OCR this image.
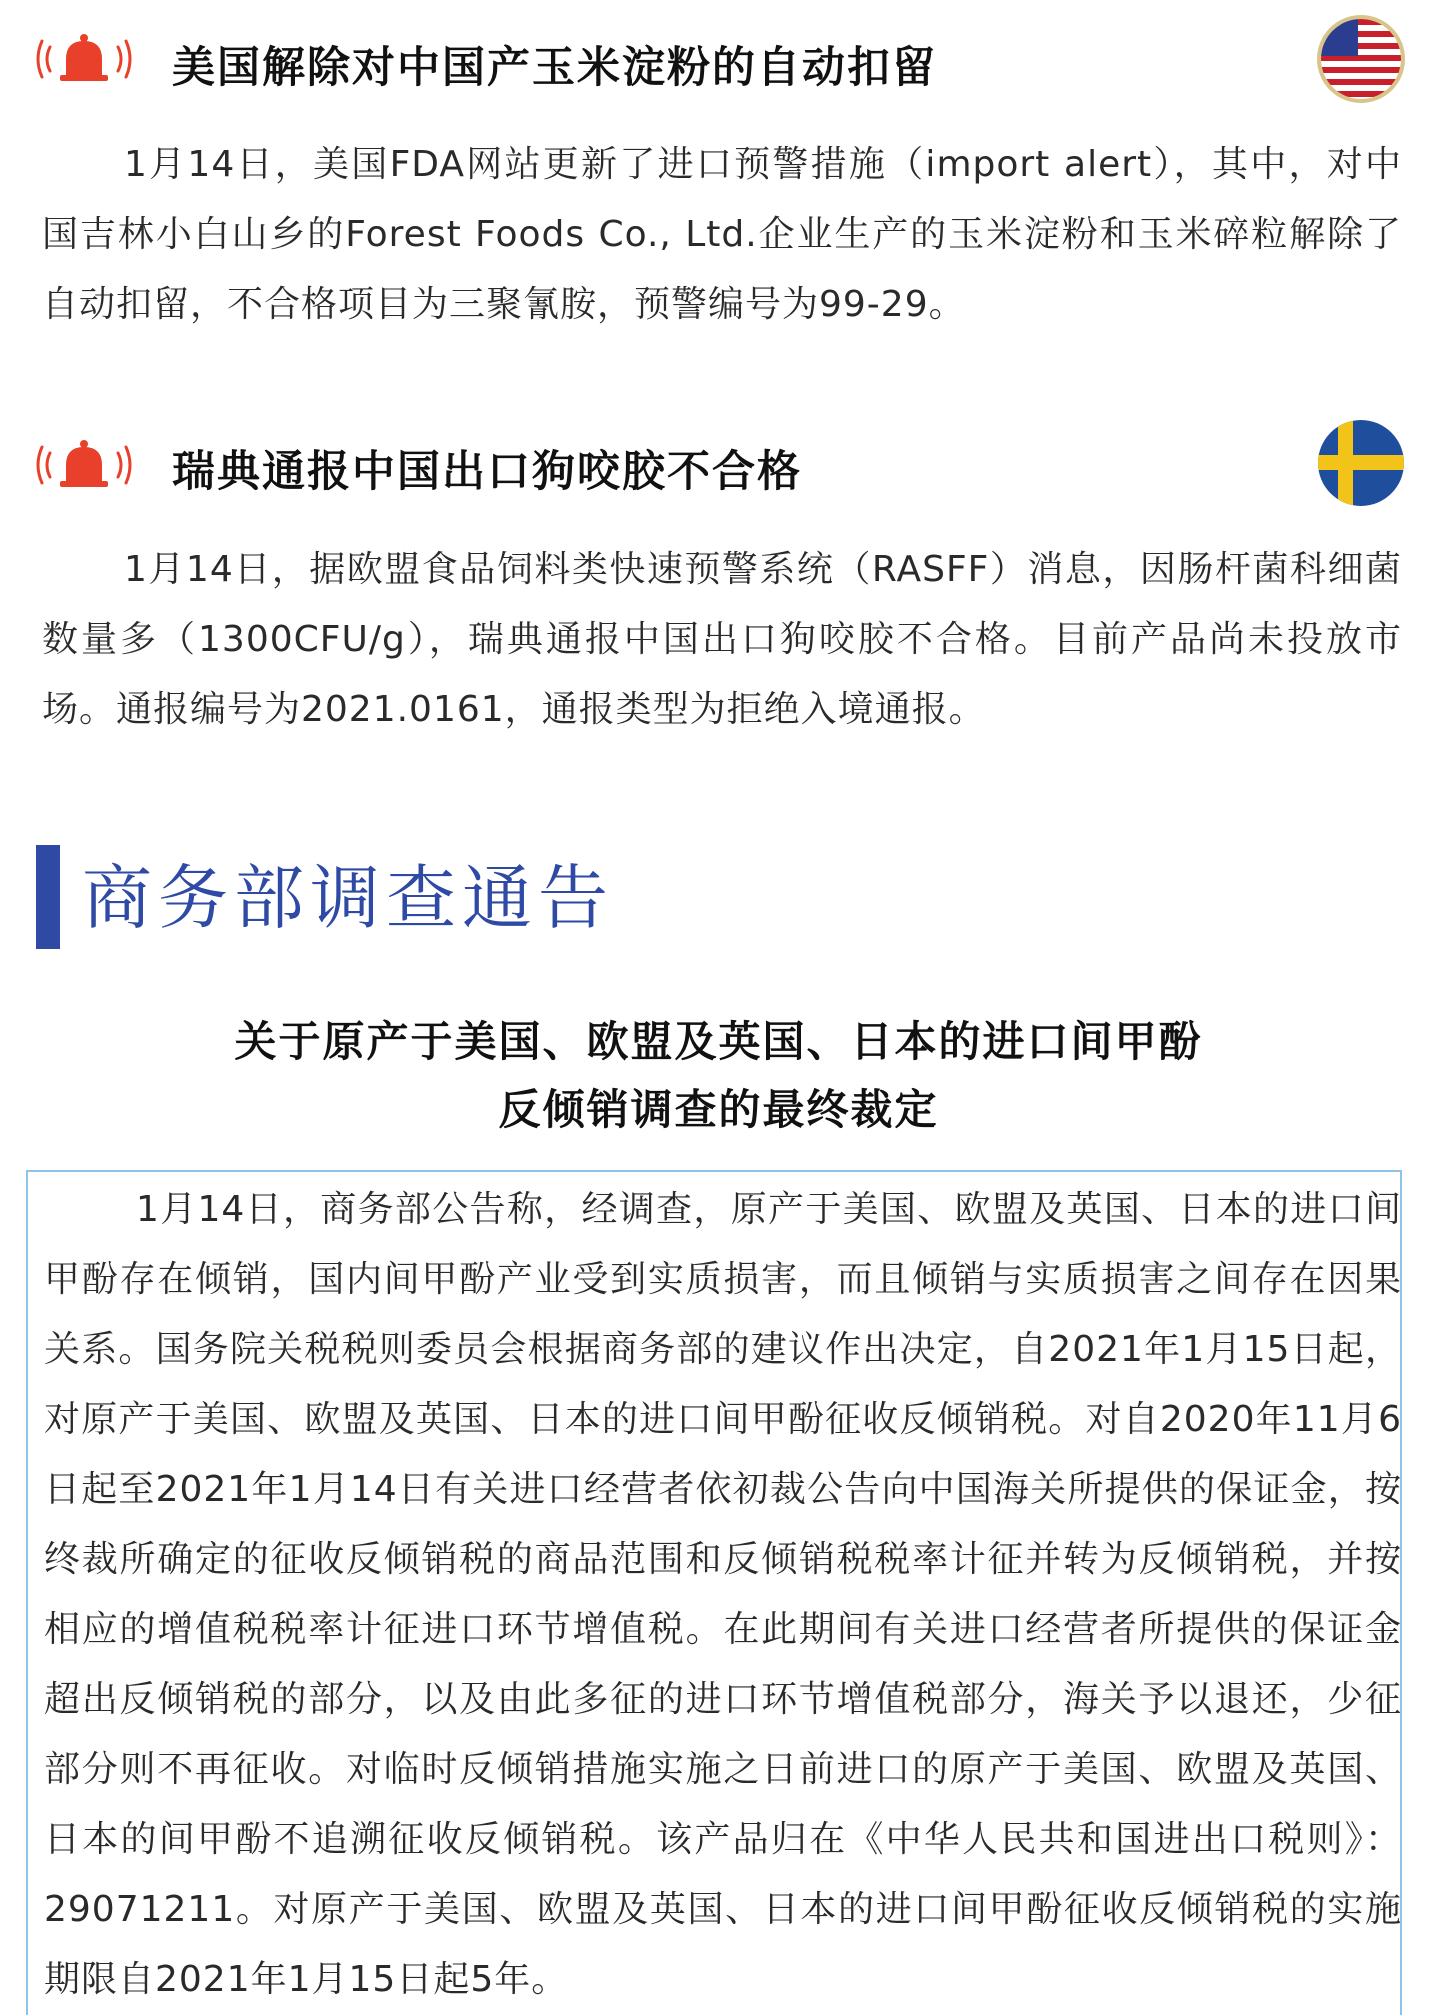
美国解除对中国产玉米淀粉的自动扣留

1月14日，美国FDA网站更新了进口预警措施（import alert），其中，对中国吉林小白山乡的Forest Foods Co., Ltd.企业生产的玉米淀粉和玉米碎粒解除了自动扣留，不合格项目为三聚氰胺，预警编号为99-29。

瑞典通报中国出口狗咬胶不合格

1月14日，据欧盟食品饲料类快速预警系统（RASFF）消息，因肠杆菌科细菌数量多（1300CFU/g），瑞典通报中国出口狗咬胶不合格。目前产品尚未投放市场。通报编号为2021.0161，通报类型为拒绝入境通报。

商务部调查通告
关于原产于美国、欧盟及英国、日本的进口间甲酚
反倾销调查的最终裁定
1月14日，商务部公告称，经调查，原产于美国、欧盟及英国、日本的进口间甲酚存在倾销，国内间甲酚产业受到实质损害，而且倾销与实质损害之间存在因果关系。国务院关税税则委员会根据商务部的建议作出决定，自2021年1月15日起，对原产于美国、欧盟及英国、日本的进口间甲酚征收反倾销税。对自2020年11月6日起至2021年1月14日有关进口经营者依初裁公告向中国海关所提供的保证金，按终裁所确定的征收反倾销税的商品范围和反倾销税税率计征并转为反倾销税，并按相应的增值税税率计征进口环节增值税。在此期间有关进口经营者所提供的保证金超出反倾销税的部分，以及由此多征的进口环节增值税部分，海关予以退还，少征部分则不再征收。对临时反倾销措施实施之日前进口的原产于美国、欧盟及英国、日本的间甲酚不追溯征收反倾销税。该产品归在《中华人民共和国进出口税则》：29071211。对原产于美国、欧盟及英国、日本的进口间甲酚征收反倾销税的实施期限自2021年1月15日起5年。
